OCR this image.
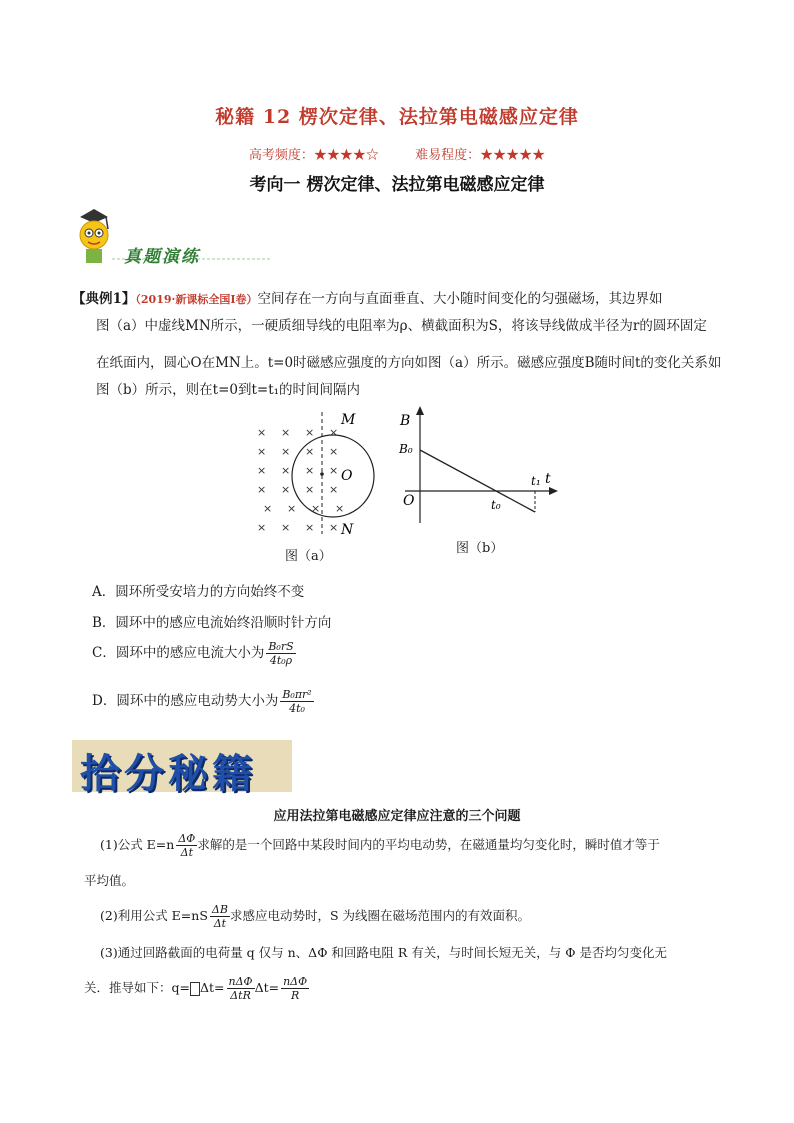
秘籍 12 楞次定律、法拉第电磁感应定律
高考频度：★★★★☆	难易程度：★★★★★
考向一 楞次定律、法拉第电磁感应定律
真题演练
【典例1】（2019·新课标全国Ⅰ卷）空间存在一方向与直面垂直、大小随时间变化的匀强磁场，其边界如
图（a）中虚线MN所示，一硬质细导线的电阻率为ρ、横截面积为S，将该导线做成半径为r的圆环固定
在纸面内，圆心O在MN上。t=0时磁感应强度的方向如图（a）所示。磁感应强度B随时间t的变化关系如
图（b）所示，则在t=0到t=t₁的时间间隔内
× × × ×
× × × ×
× × × ×
× × × ×
× × × ×
× × × ×
M
N
O
图（a）
B
B₀
O
t
t₀
t₁
图（b）
A．圆环所受安培力的方向始终不变
B．圆环中的感应电流始终沿顺时针方向
C．圆环中的感应电流大小为 $\frac{\text{B₀rS}}{\text{4t₀ρ}}$
D．圆环中的感应电动势大小为 $\frac{\text{B₀πr²}}{\text{4t₀}}$
拾分秘籍
应用法拉第电磁感应定律应注意的三个问题
(1)公式 $E=n \frac{\Delta\Phi}{\Delta t}$ 求解的是一个回路中某段时间内的平均电动势，在磁通量均匀变化时，瞬时值才等于
平均值。
(2)利用公式 $E=nS \frac{\Delta B}{\Delta t}$ 求感应电动势时，S 为线圈在磁场范围内的有效面积。
(3)通过回路截面的电荷量 q 仅与 n、ΔΦ 和回路电阻 R 有关，与时间长短无关，与 Φ 是否均匀变化无
关．推导如下：$q= \Delta t= \frac{\text{nΔΦ}}{\text{ΔtR}} \Delta t= \frac{\text{nΔΦ}}{R}$
